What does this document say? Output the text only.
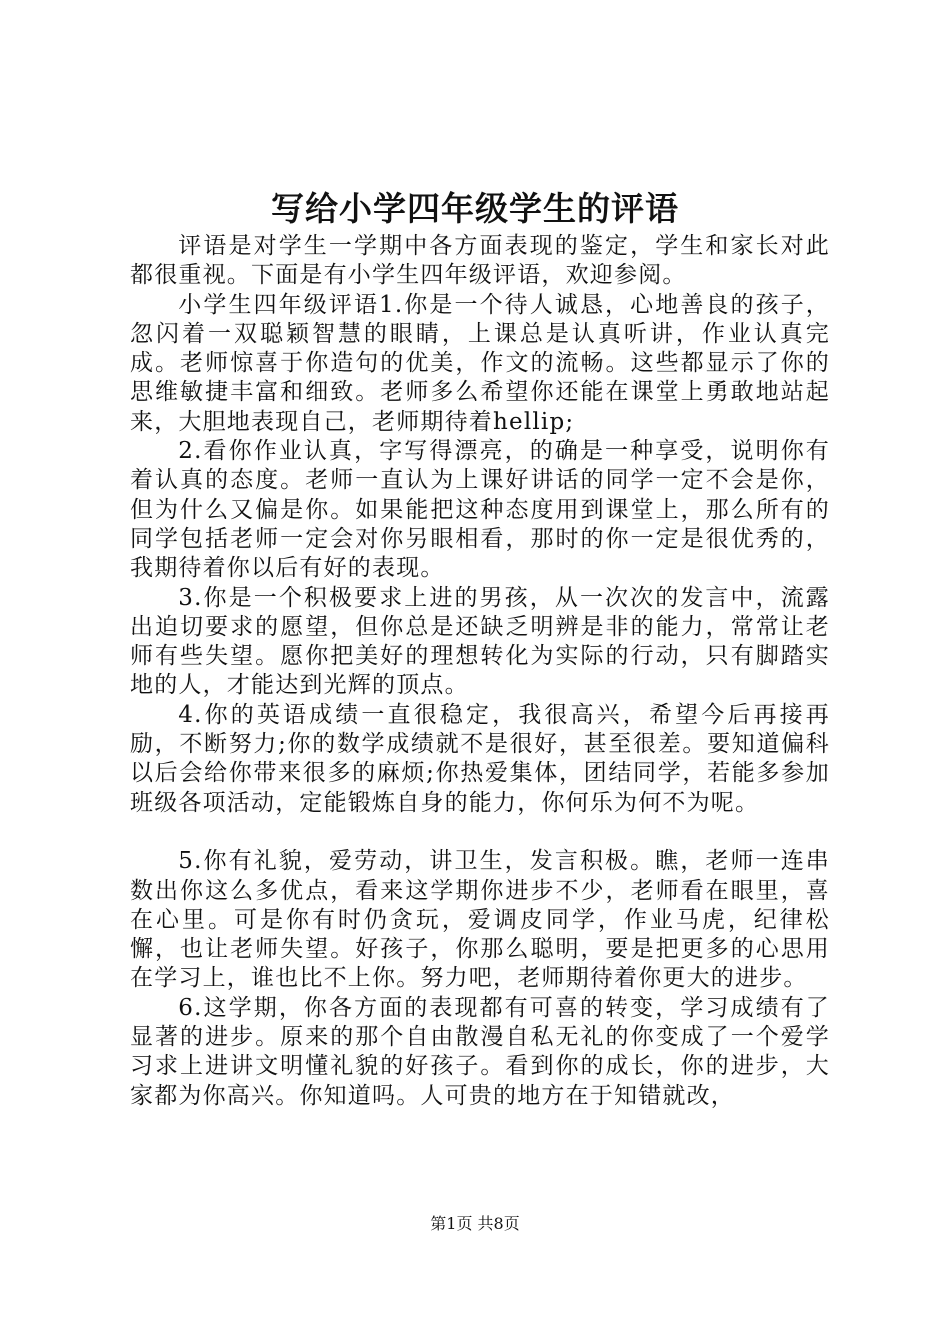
写给小学四年级学生的评语

评语是对学生一学期中各方面表现的鉴定，学生和家长对此都很重视。下面是有小学生四年级评语，欢迎参阅。

小学生四年级评语1.你是一个待人诚恳，心地善良的孩子，忽闪着一双聪颖智慧的眼睛，上课总是认真听讲，作业认真完成。老师惊喜于你造句的优美，作文的流畅。这些都显示了你的思维敏捷丰富和细致。老师多么希望你还能在课堂上勇敢地站起来，大胆地表现自己，老师期待着hellip;

2.看你作业认真，字写得漂亮，的确是一种享受，说明你有着认真的态度。老师一直认为上课好讲话的同学一定不会是你，但为什么又偏是你。如果能把这种态度用到课堂上，那么所有的同学包括老师一定会对你另眼相看，那时的你一定是很优秀的，我期待着你以后有好的表现。

3.你是一个积极要求上进的男孩，从一次次的发言中，流露出迫切要求的愿望，但你总是还缺乏明辨是非的能力，常常让老师有些失望。愿你把美好的理想转化为实际的行动，只有脚踏实地的人，才能达到光辉的顶点。

4.你的英语成绩一直很稳定，我很高兴，希望今后再接再励，不断努力;你的数学成绩就不是很好，甚至很差。要知道偏科以后会给你带来很多的麻烦;你热爱集体，团结同学，若能多参加班级各项活动，定能锻炼自身的能力，你何乐为何不为呢。

5.你有礼貌，爱劳动，讲卫生，发言积极。瞧，老师一连串数出你这么多优点，看来这学期你进步不少，老师看在眼里，喜在心里。可是你有时仍贪玩，爱调皮同学，作业马虎，纪律松懈，也让老师失望。好孩子，你那么聪明，要是把更多的心思用在学习上，谁也比不上你。努力吧，老师期待着你更大的进步。

6.这学期，你各方面的表现都有可喜的转变，学习成绩有了显著的进步。原来的那个自由散漫自私无礼的你变成了一个爱学习求上进讲文明懂礼貌的好孩子。看到你的成长，你的进步，大家都为你高兴。你知道吗。人可贵的地方在于知错就改，

第1页 共8页
